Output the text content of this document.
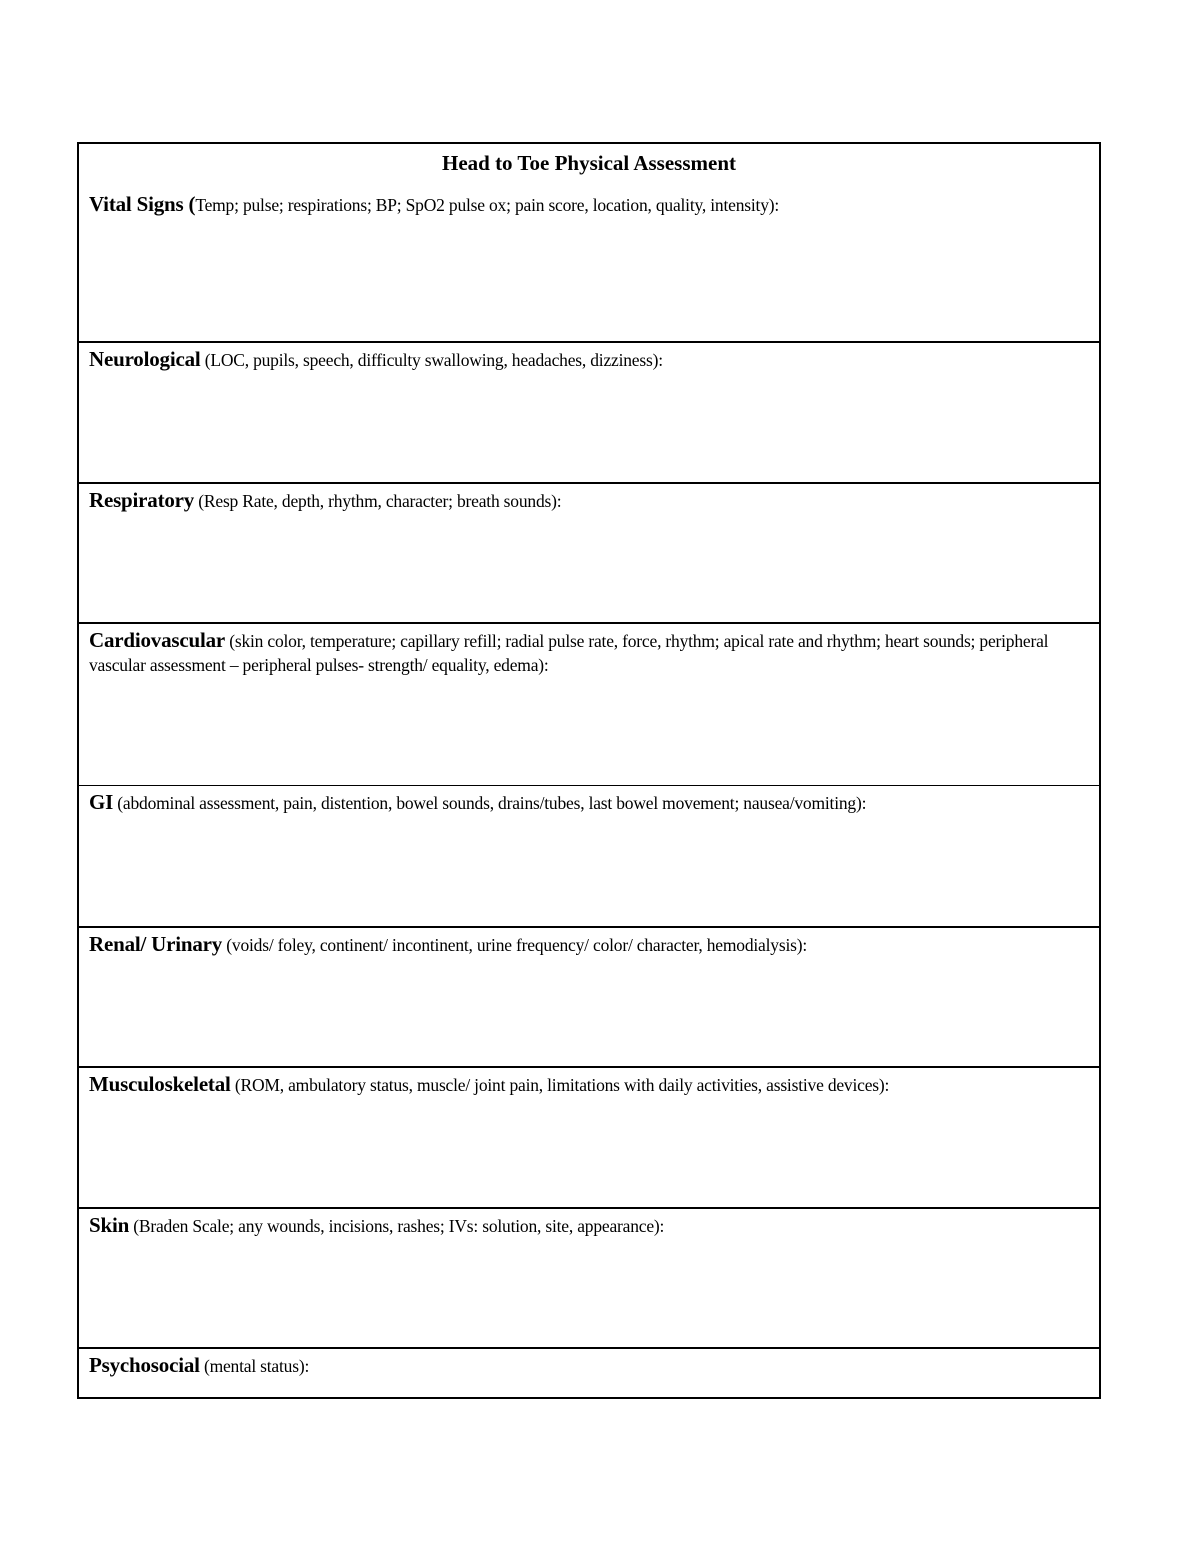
Head to Toe Physical Assessment
Vital Signs (Temp; pulse; respirations; BP; SpO2 pulse ox; pain score, location, quality, intensity):
Neurological (LOC, pupils, speech, difficulty swallowing, headaches, dizziness):
Respiratory (Resp Rate, depth, rhythm, character; breath sounds):
Cardiovascular (skin color, temperature; capillary refill; radial pulse rate, force, rhythm; apical rate and rhythm; heart sounds; peripheral vascular assessment – peripheral pulses- strength/ equality, edema):
GI (abdominal assessment, pain, distention, bowel sounds, drains/tubes, last bowel movement; nausea/vomiting):
Renal/ Urinary (voids/ foley, continent/ incontinent, urine frequency/ color/ character, hemodialysis):
Musculoskeletal (ROM, ambulatory status, muscle/ joint pain, limitations with daily activities, assistive devices):
Skin (Braden Scale; any wounds, incisions, rashes; IVs: solution, site, appearance):
Psychosocial (mental status):
